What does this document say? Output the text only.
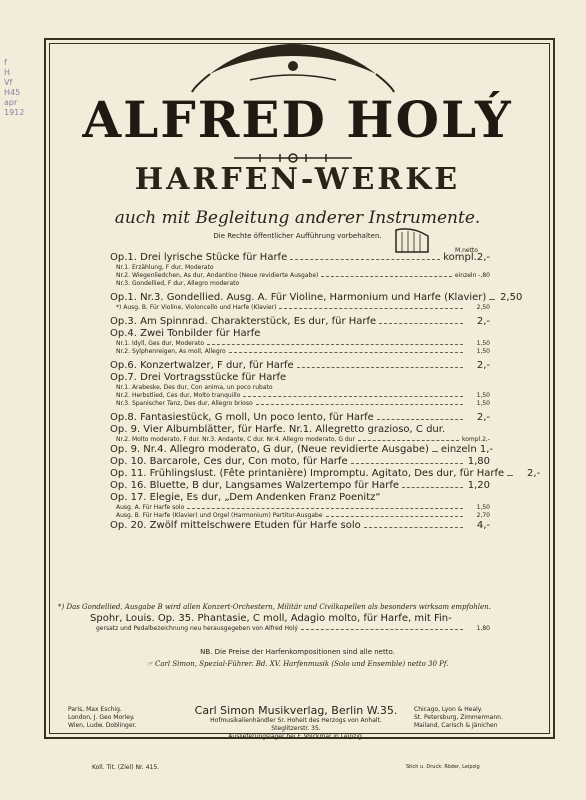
f
H
Vf
H45
apr
1912	ALFRED HOLÝ
HARFEN-WERKE
auch mit Begleitung anderer Instrumente.
Die Rechte öffentlicher Aufführung vorbehalten.
M.netto
Op.1. Drei lyrische Stücke für Harfe	kompl.2,-
Nr.1. Erzählung, F dur, Moderato
Nr.2. Wiegenliedchen, As dur, Andantino (Neue revidierte Ausgabe)	einzeln -,80
Nr.3. Gondellied, F dur, Allegro moderato
Op.1. Nr.3. Gondellied. Ausg. A. Für Violine, Harmonium und Harfe (Klavier) 2,50
*) Ausg. B. Für Violine, Violoncello und Harfe (Klavier)	2,50
Op.3. Am Spinnrad. Charakterstück, Es dur, für Harfe	2,-
Op.4. Zwei Tonbilder für Harfe
Nr.1. Idyll, Ges dur, Moderato	1,50
Nr.2. Sylphenreigen, As moll, Allegro	1,50
Op.6. Konzertwalzer, F dur, für Harfe	2,-
Op.7. Drei Vortragsstücke für Harfe
Nr.1. Arabeske, Des dur, Con anima, un poco rubato
Nr.2. Herbstlied, Ces dur, Molto tranquillo	1,50
Nr.3. Spanischer Tanz, Des dur, Allegro brioso	1,50
Op.8. Fantasiestück, G moll, Un poco lento, für Harfe	2,-
Op. 9. Vier Albumblätter, für Harfe. Nr.1. Allegretto grazioso, C dur.
Nr.2. Molto moderato, F dur. Nr.3. Andante, C dur. Nr.4. Allegro moderato, G dur	kompl.2,-
Op. 9. Nr.4. Allegro moderato, G dur, (Neue revidierte Ausgabe) einzeln 1,-
Op. 10. Barcarole, Ces dur, Con moto, für Harfe	1,80
Op. 11. Frühlingslust. (Fête printanière) Impromptu. Agitato, Des dur, für Harfe	2,-
Op. 16. Bluette, B dur, Langsames Walzertempo für Harfe	1,20
Op. 17. Elegie, Es dur, „Dem Andenken Franz Poenitz“
Ausg. A. Für Harfe solo	1,50
Ausg. B. Für Harfe (Klavier) und Orgel (Harmonium) Partitur-Ausgabe	2,70
Op. 20. Zwölf mittelschwere Etuden für Harfe solo	4,-
*) Das Gondellied, Ausgabe B wird allen Konzert-Orchestern, Militär und Civilkapellen als besonders wirksam empfohlen.
Spohr, Louis. Op. 35. Phantasie, C moll, Adagio molto, für Harfe, mit Fin-
gersatz und Pedalbezeichnung neu herausgegeben von Alfred Holý	1,80
NB. Die Preise der Harfenkompositionen sind alle netto.
☞ Carl Simon, Spezial-Führer. Bd. XV. Harfenmusik (Solo und Ensemble) netto 30 Pf.
Paris, Max Eschig.
London, J. Geo Morley.
Wien, Ludw. Doblinger.
Carl Simon Musikverlag, Berlin W.35.
Hofmusikalienhändler Sr. Hoheit des Herzogs von Anhalt.
Steglitzerstr. 35.
Auslieferungslager bei F. Volckmar in Leipzig.
Chicago, Lyon & Healy.
St. Petersburg, Zimmermann.
Mailand, Carisch & Jänichen
Koll. Tit. (Ziel) Nr. 415.	Stich u. Druck: Röder, Leipzig
